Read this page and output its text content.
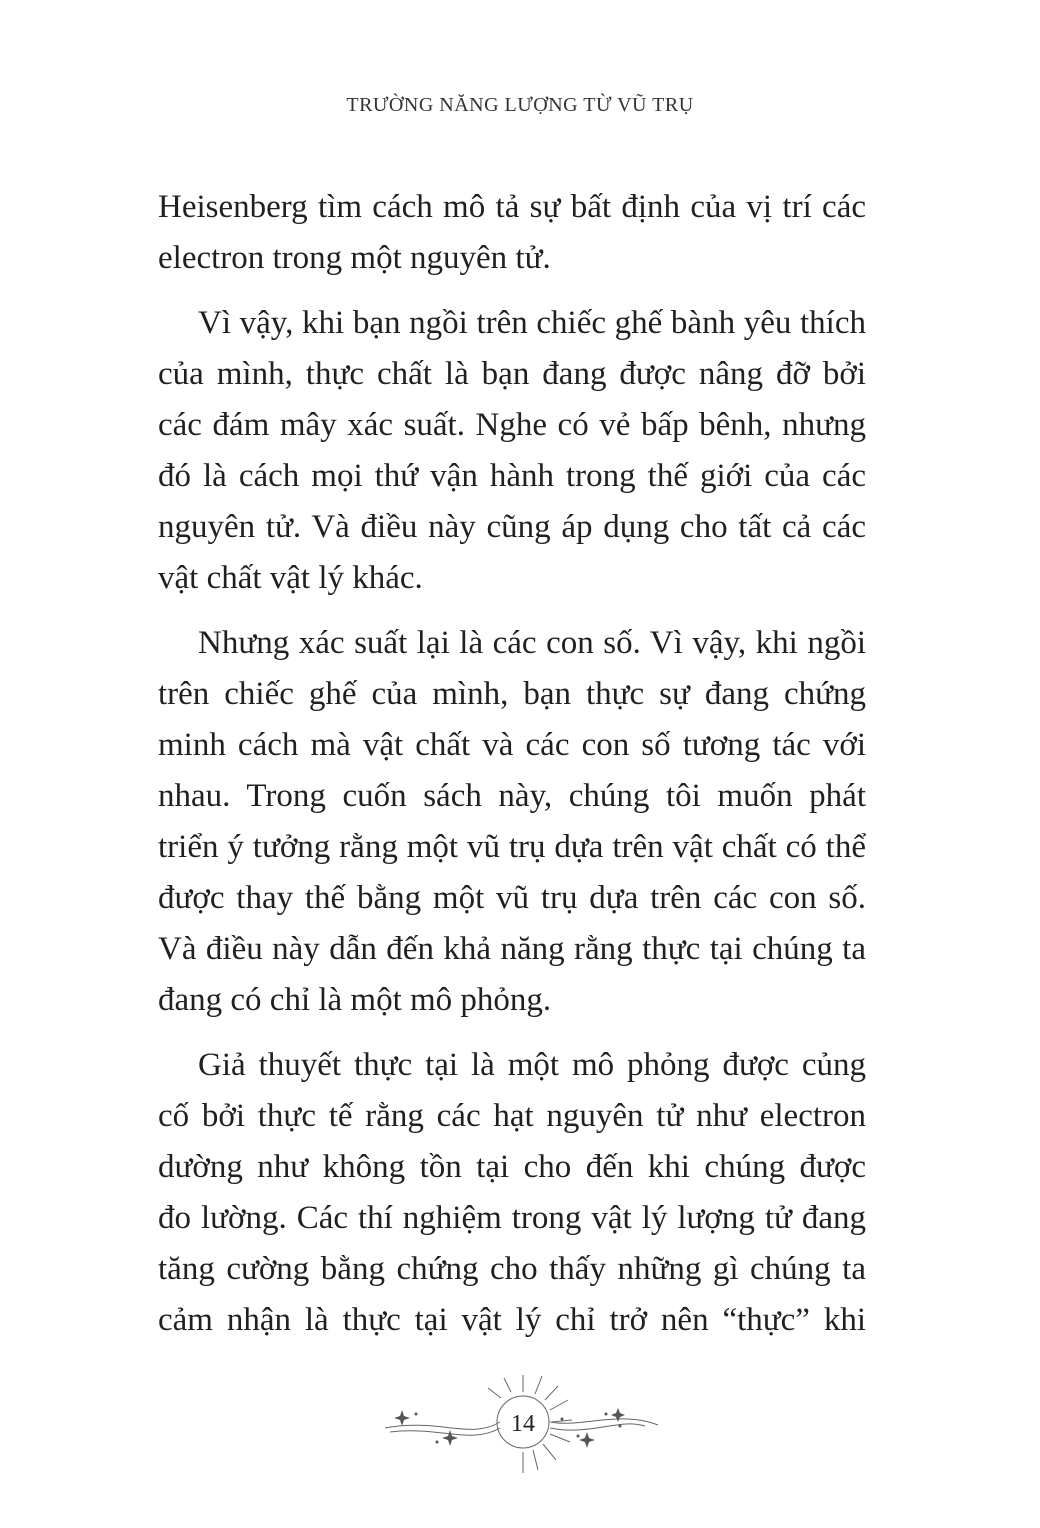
TRƯỜNG NĂNG LƯỢNG TỪ VŨ TRỤ
Heisenberg tìm cách mô tả sự bất định của vị trí các
electron trong một nguyên tử.
Vì vậy, khi bạn ngồi trên chiếc ghế bành yêu thích
của mình, thực chất là bạn đang được nâng đỡ bởi
các đám mây xác suất. Nghe có vẻ bấp bênh, nhưng
đó là cách mọi thứ vận hành trong thế giới của các
nguyên tử. Và điều này cũng áp dụng cho tất cả các
vật chất vật lý khác.
Nhưng xác suất lại là các con số. Vì vậy, khi ngồi
trên chiếc ghế của mình, bạn thực sự đang chứng
minh cách mà vật chất và các con số tương tác với
nhau. Trong cuốn sách này, chúng tôi muốn phát
triển ý tưởng rằng một vũ trụ dựa trên vật chất có thể
được thay thế bằng một vũ trụ dựa trên các con số.
Và điều này dẫn đến khả năng rằng thực tại chúng ta
đang có chỉ là một mô phỏng.
Giả thuyết thực tại là một mô phỏng được củng
cố bởi thực tế rằng các hạt nguyên tử như electron
dường như không tồn tại cho đến khi chúng được
đo lường. Các thí nghiệm trong vật lý lượng tử đang
tăng cường bằng chứng cho thấy những gì chúng ta
cảm nhận là thực tại vật lý chỉ trở nên “thực” khi
14
